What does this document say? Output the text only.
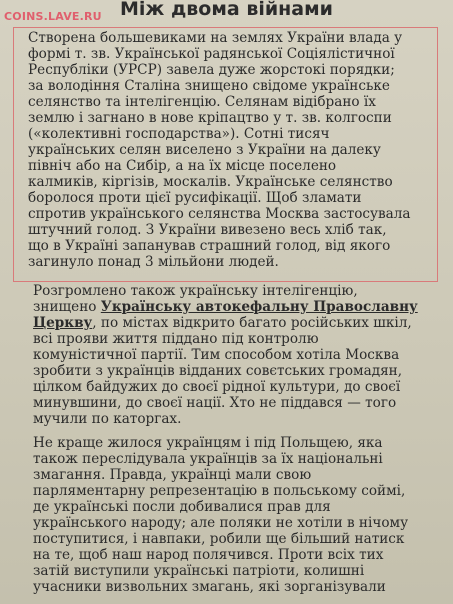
COINS.LAVE.RU Між двома війнами
Створена большевиками на землях України влада у
формі т. зв. Української радянської Соціялістичної
Республіки (УРСР) завела дуже жорстокі порядки;
за володіння Сталіна знищено свідоме українське
селянство та інтелігенцію. Селянам відібрано їх
землю і загнано в нове кріпацтво у т. зв. колгоспи
(«колективні господарства»). Сотні тисяч
українських селян виселено з України на далеку
північ або на Сибір, а на їх місце поселено
калмиків, кіргізів, москалів. Українське селянство
боролося проти цієї русифікації. Щоб зламати
спротив українського селянства Москва застосувала
штучний голод. З України вивезено весь хліб так,
що в Україні запанував страшний голод, від якого
загинуло понад 3 мільйони людей.
Розгромлено також українську інтелігенцію,
знищено Українську автокефальну Православну
Церкву, по містах відкрито багато російських шкіл,
всі прояви життя піддано під контролю
комуністичної партії. Тим способом хотіла Москва
зробити з українців відданих совєтських громадян,
цілком байдужих до своєї рідної культури, до своєї
минувшини, до своєї нації. Хто не піддався — того
мучили по каторгах.
Не краще жилося українцям і під Польщею, яка
також переслідувала українців за їх національні
змагання. Правда, українці мали свою
парляментарну репрезентацію в польському соймі,
де українські посли добивалися прав для
українського народу; але поляки не хотіли в нічому
поступитися, і навпаки, робили ще більший натиск
на те, щоб наш народ полячився. Проти всіх тих
затій виступили українські патріоти, колишні
учасники визвольних змагань, які зорганізували
